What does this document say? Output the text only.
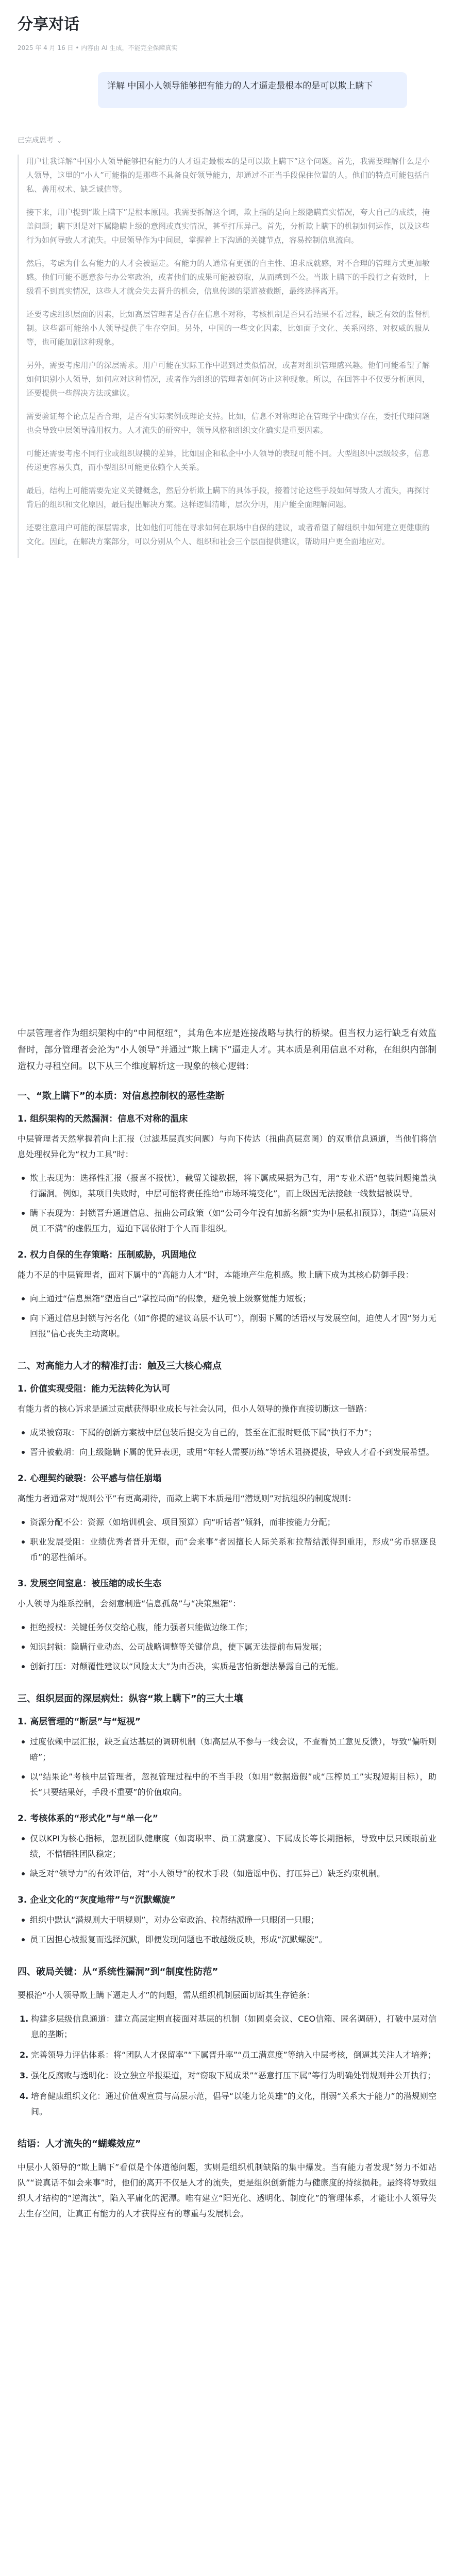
分享对话
2025 年 4 月 16 日 • 内容由 AI 生成，不能完全保障真实
详解 中国小人领导能够把有能力的人才逼走最根本的是可以欺上瞒下
已完成思考 ⌄

用户让我详解“中国小人领导能够把有能力的人才逼走最根本的是可以欺上瞒下”这个问题。首先，我需要理解什么是小人领导，这里的“小人”可能指的是那些不具备良好领导能力，却通过不正当手段保住位置的人。他们的特点可能包括自私、善用权术、缺乏诚信等。

接下来，用户提到“欺上瞒下”是根本原因。我需要拆解这个词，欺上指的是向上级隐瞒真实情况，夸大自己的成绩，掩盖问题；瞒下则是对下属隐瞒上级的意图或真实情况，甚至打压异己。首先，分析欺上瞒下的机制如何运作，以及这些行为如何导致人才流失。中层领导作为中间层，掌握着上下沟通的关键节点，容易控制信息流向。

然后，考虑为什么有能力的人才会被逼走。有能力的人通常有更强的自主性、追求成就感，对不合理的管理方式更加敏感。他们可能不愿意参与办公室政治，或者他们的成果可能被窃取，从而感到不公。当欺上瞒下的手段行之有效时，上级看不到真实情况，这些人才就会失去晋升的机会，信息传递的渠道被截断，最终选择离开。

还要考虑组织层面的因素，比如高层管理者是否存在信息不对称，考核机制是否只看结果不看过程，缺乏有效的监督机制。这些都可能给小人领导提供了生存空间。另外，中国的一些文化因素，比如面子文化、关系网络、对权威的服从等，也可能加剧这种现象。

另外，需要考虑用户的深层需求。用户可能在实际工作中遇到过类似情况，或者对组织管理感兴趣。他们可能希望了解如何识别小人领导，如何应对这种情况，或者作为组织的管理者如何防止这种现象。所以，在回答中不仅要分析原因，还要提供一些解决方法或建议。

需要验证每个论点是否合理，是否有实际案例或理论支持。比如，信息不对称理论在管理学中确实存在，委托代理问题也会导致中层领导滥用权力。人才流失的研究中，领导风格和组织文化确实是重要因素。

可能还需要考虑不同行业或组织规模的差异，比如国企和私企中小人领导的表现可能不同。大型组织中层级较多，信息传递更容易失真，而小型组织可能更依赖个人关系。

最后，结构上可能需要先定义关键概念，然后分析欺上瞒下的具体手段，接着讨论这些手段如何导致人才流失，再探讨背后的组织和文化原因，最后提出解决方案。这样逻辑清晰，层次分明，用户能全面理解问题。

还要注意用户可能的深层需求，比如他们可能在寻求如何在职场中自保的建议，或者希望了解组织中如何建立更健康的文化。因此，在解决方案部分，可以分别从个人、组织和社会三个层面提供建议，帮助用户更全面地应对。

中层管理者作为组织架构中的“中间枢纽”，其角色本应是连接战略与执行的桥梁。但当权力运行缺乏有效监督时，部分管理者会沦为“小人领导”并通过“欺上瞒下”逼走人才。其本质是利用信息不对称，在组织内部制造权力寻租空间。以下从三个维度解析这一现象的核心逻辑：

一、“欺上瞒下”的本质：对信息控制权的恶性垄断
1. 组织架构的天然漏洞：信息不对称的温床

中层管理者天然掌握着向上汇报（过滤基层真实问题）与向下传达（扭曲高层意图）的双重信息通道，当他们将信息处理权异化为“权力工具”时：

欺上表现为：选择性汇报（报喜不报忧），截留关键数据，将下属成果据为己有，用“专业术语”包装问题掩盖执行漏洞。例如，某项目失败时，中层可能将责任推给“市场环境变化”，而上级因无法接触一线数据被误导。
瞒下表现为：封锁晋升通道信息、扭曲公司政策（如“公司今年没有加薪名额”实为中层私扣预算），制造“高层对员工不满”的虚假压力，逼迫下属依附于个人而非组织。
2. 权力自保的生存策略：压制威胁，巩固地位

能力不足的中层管理者，面对下属中的“高能力人才”时，本能地产生危机感。欺上瞒下成为其核心防御手段：

向上通过“信息黑箱”塑造自己“掌控局面”的假象，避免被上级察觉能力短板；
向下通过信息封锁与污名化（如“你提的建议高层不认可”），削弱下属的话语权与发展空间，迫使人才因“努力无回报”信心丧失主动离职。
二、对高能力人才的精准打击：触及三大核心痛点
1. 价值实现受阻：能力无法转化为认可

有能力者的核心诉求是通过贡献获得职业成长与社会认同，但小人领导的操作直接切断这一链路：

成果被窃取：下属的创新方案被中层包装后提交为自己的，甚至在汇报时贬低下属“执行不力”；
晋升被截胡：向上级隐瞒下属的优异表现，或用“年轻人需要历练”等话术阻挠提拔，导致人才看不到发展希望。
2. 心理契约破裂：公平感与信任崩塌

高能力者通常对“规则公平”有更高期待，而欺上瞒下本质是用“潜规则”对抗组织的制度规则：

资源分配不公：资源（如培训机会、项目预算）向“听话者”倾斜，而非按能力分配；
职业发展受阻：业绩优秀者晋升无望，而“会来事”者因擅长人际关系和拉帮结派得到重用，形成“劣币驱逐良币”的恶性循环。
3. 发展空间窒息：被压缩的成长生态

小人领导为维系控制，会刻意制造“信息孤岛”与“决策黑箱”：

拒绝授权：关键任务仅交给心腹，能力强者只能做边缘工作；
知识封锁：隐瞒行业动态、公司战略调整等关键信息，使下属无法提前布局发展；
创新打压：对颠覆性建议以“风险太大”为由否决，实质是害怕新想法暴露自己的无能。
三、组织层面的深层病灶：纵容“欺上瞒下”的三大土壤
1. 高层管理的“断层”与“短视”
过度依赖中层汇报，缺乏直达基层的调研机制（如高层从不参与一线会议，不查看员工意见反馈），导致“偏听则暗”；
以“结果论”考核中层管理者，忽视管理过程中的不当手段（如用“数据造假”或“压榨员工”实现短期目标），助长“只要结果好，手段不重要”的价值取向。
2. 考核体系的“形式化”与“单一化”
仅以KPI为核心指标，忽视团队健康度（如离职率、员工满意度）、下属成长等长期指标，导致中层只顾眼前业绩，不惜牺牲团队稳定；
缺乏对“领导力”的有效评估，对“小人领导”的权术手段（如造谣中伤、打压异己）缺乏约束机制。
3. 企业文化的“灰度地带”与“沉默螺旋”
组织中默认“潜规则大于明规则”，对办公室政治、拉帮结派睁一只眼闭一只眼；
员工因担心被报复而选择沉默，即便发现问题也不敢越级反映，形成“沉默螺旋”。
四、破局关键：从“系统性漏洞”到“制度性防范”

要根治“小人领导欺上瞒下逼走人才”的问题，需从组织机制层面切断其生存链条：

1. 构建多层级信息通道：建立高层定期直接面对基层的机制（如圆桌会议、CEO信箱、匿名调研），打破中层对信息的垄断；
2. 完善领导力评估体系：将“团队人才保留率”“下属晋升率”“员工满意度”等纳入中层考核，倒逼其关注人才培养；
3. 强化反腐败与透明化：设立独立举报渠道，对“窃取下属成果”“恶意打压下属”等行为明确处罚规则并公开执行；
4. 培育健康组织文化：通过价值观宣贯与高层示范，倡导“以能力论英雄”的文化，削弱“关系大于能力”的潜规则空间。
结语：人才流失的“蝴蝶效应”

中层小人领导的“欺上瞒下”看似是个体道德问题，实则是组织机制缺陷的集中爆发。当有能力者发现“努力不如站队”“说真话不如会来事”时，他们的离开不仅是人才的流失，更是组织创新能力与健康度的持续损耗。最终将导致组织人才结构的“逆淘汰”，陷入平庸化的泥潭。唯有建立“阳光化、透明化、制度化”的管理体系，才能让小人领导失去生存空间，让真正有能力的人才获得应有的尊重与发展机会。
